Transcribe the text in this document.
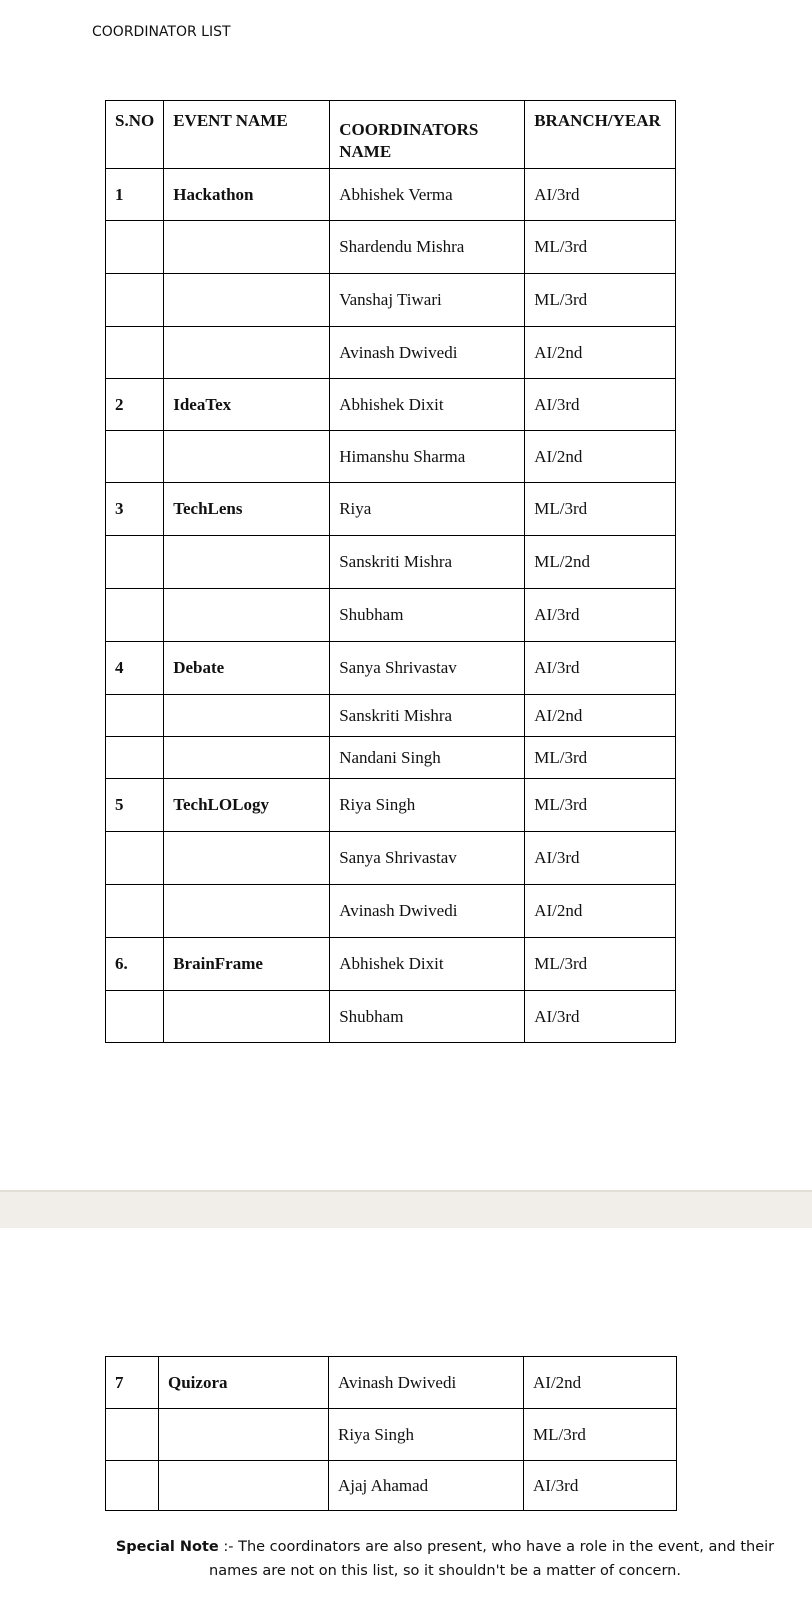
COORDINATOR LIST
S.NO	EVENT NAME	COORDINATORS NAME	BRANCH/YEAR
1	Hackathon	Abhishek Verma	AI/3rd
		Shardendu Mishra	ML/3rd
		Vanshaj Tiwari	ML/3rd
		Avinash Dwivedi	AI/2nd
2	IdeaTex	Abhishek Dixit	AI/3rd
		Himanshu Sharma	AI/2nd
3	TechLens	Riya	ML/3rd
		Sanskriti Mishra	ML/2nd
		Shubham	AI/3rd
4	Debate	Sanya Shrivastav	AI/3rd
		Sanskriti Mishra	AI/2nd
		Nandani Singh	ML/3rd
5	TechLOLogy	Riya Singh	ML/3rd
		Sanya Shrivastav	AI/3rd
		Avinash Dwivedi	AI/2nd
6.	BrainFrame	Abhishek Dixit	ML/3rd
		Shubham	AI/3rd
7	Quizora	Avinash Dwivedi	AI/2nd
		Riya Singh	ML/3rd
		Ajaj Ahamad	AI/3rd
Special Note :- The coordinators are also present, who have a role in the event, and their names are not on this list, so it shouldn't be a matter of concern.
